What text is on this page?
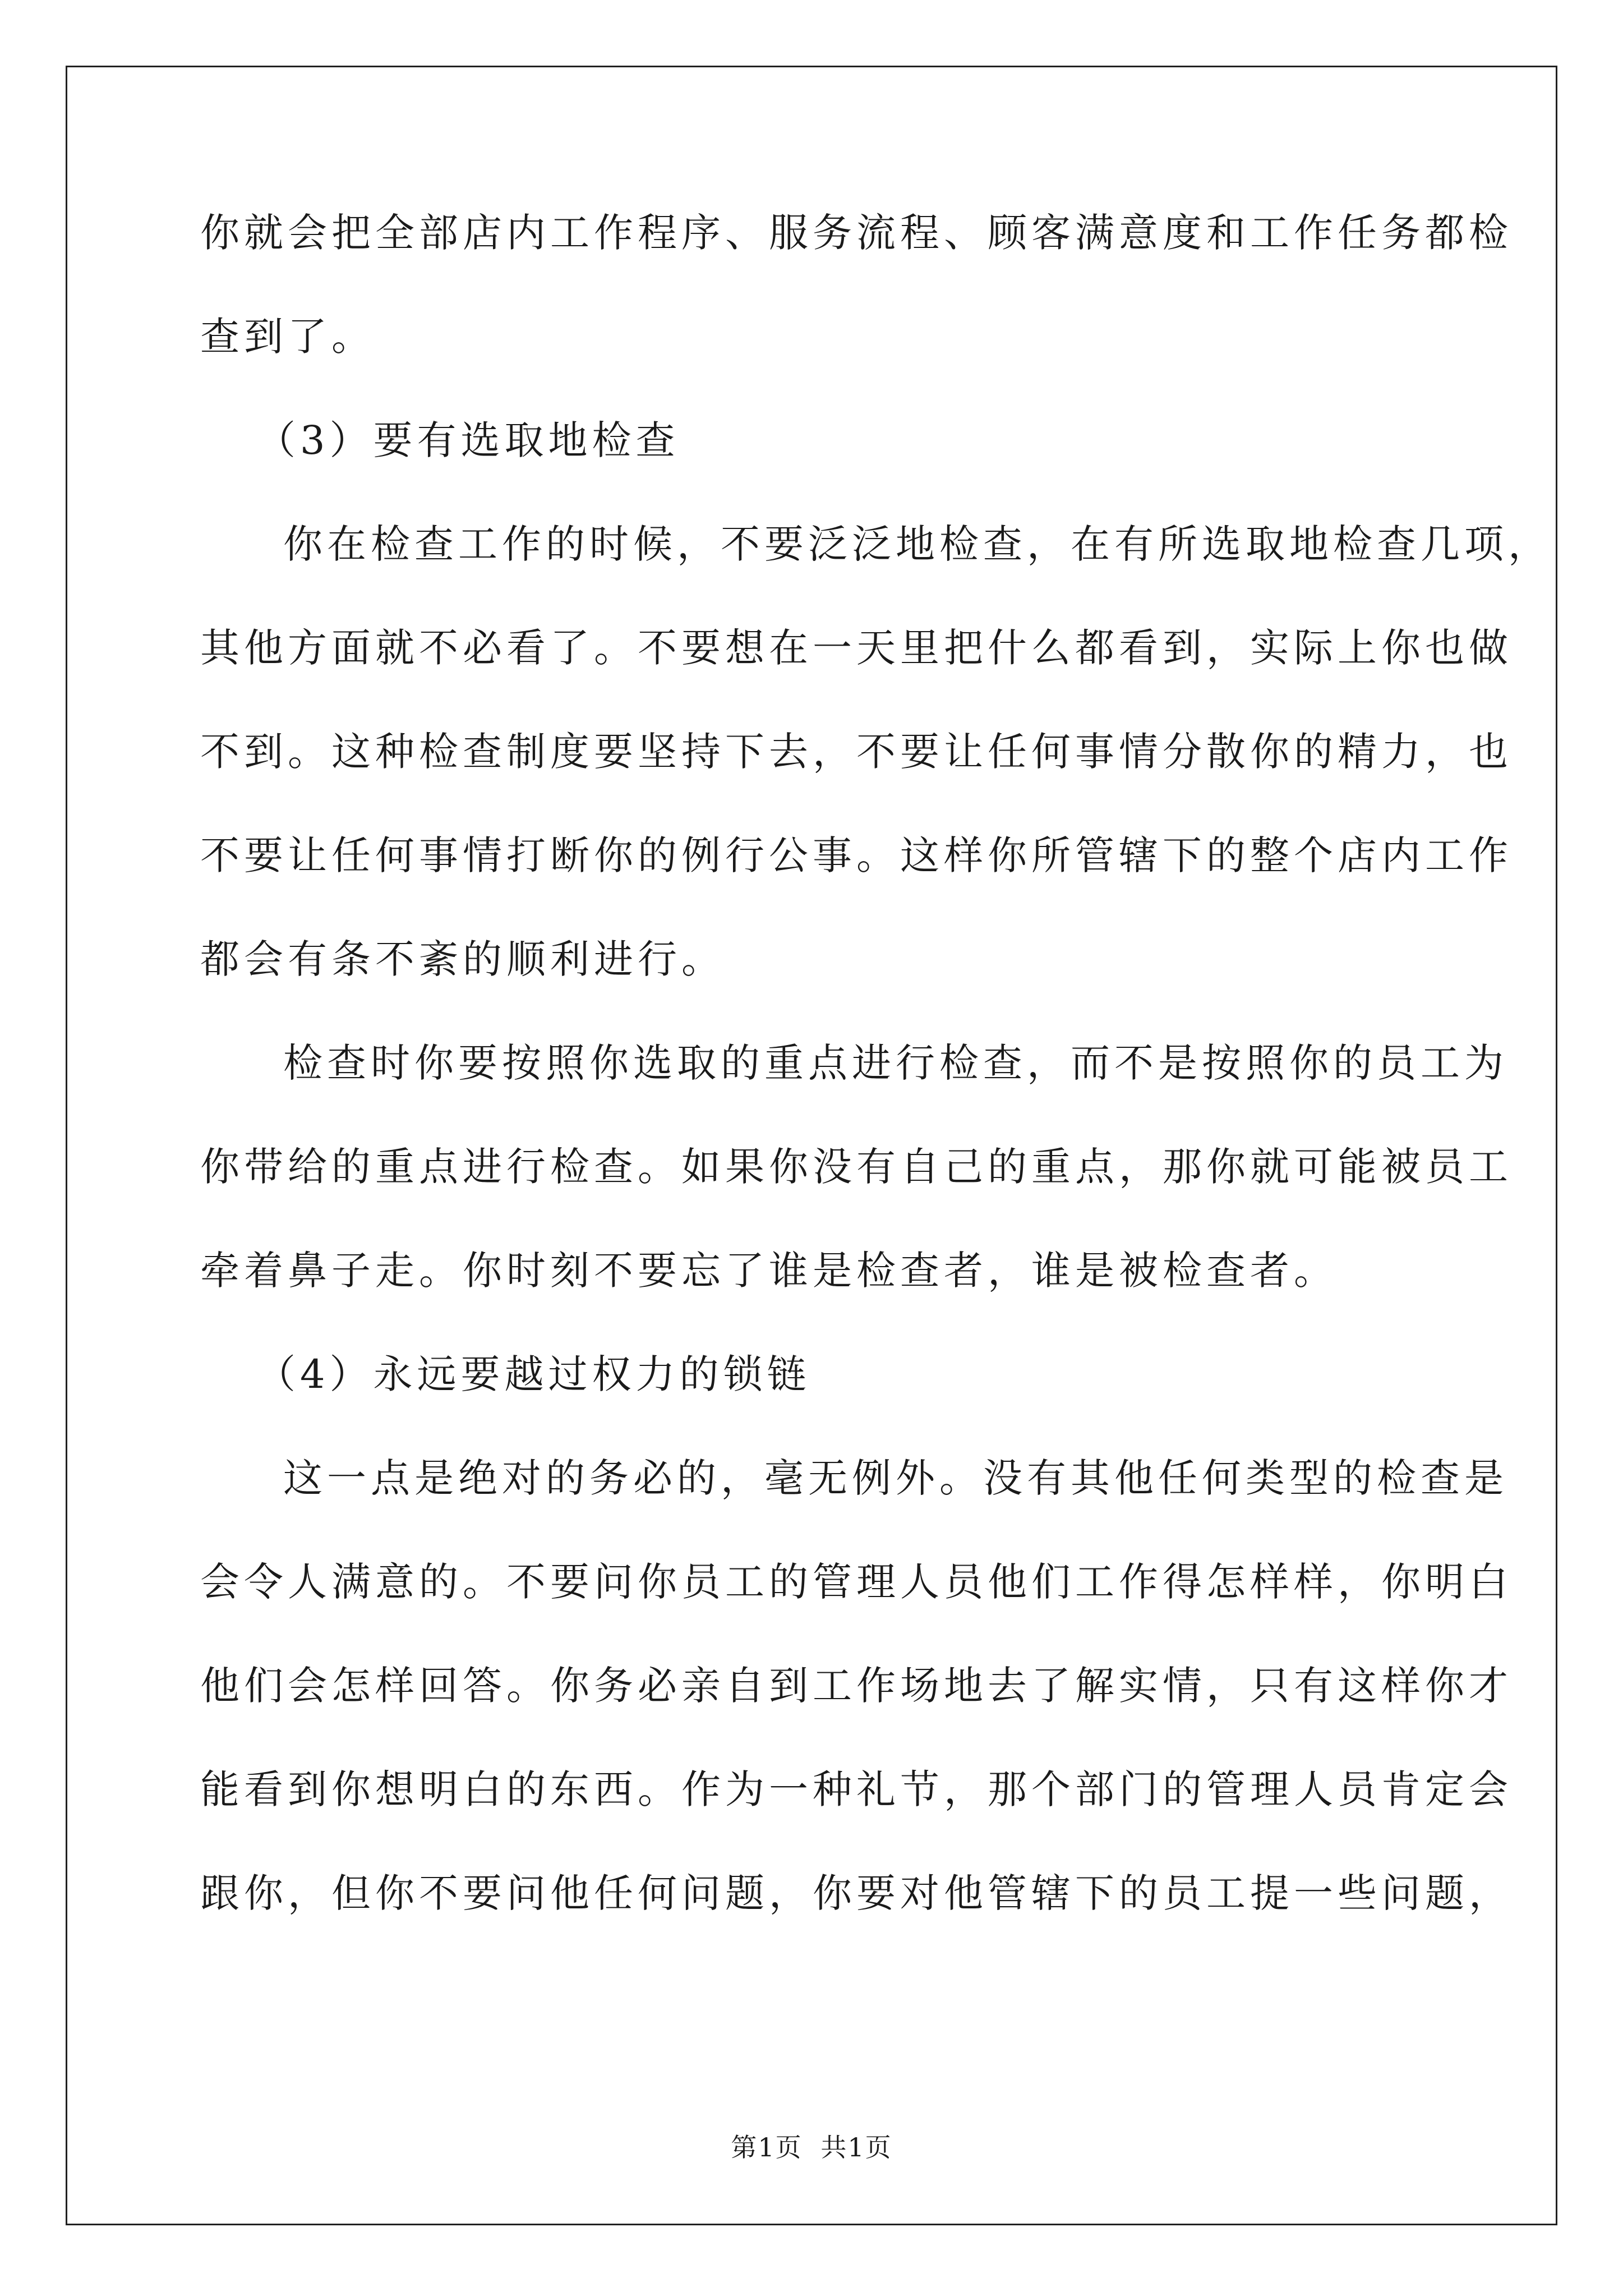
你就会把全部店内工作程序、服务流程、顾客满意度和工作任务都检
查到了。
（3）要有选取地检查
你在检查工作的时候，不要泛泛地检查，在有所选取地检查几项，
其他方面就不必看了。不要想在一天里把什么都看到，实际上你也做
不到。这种检查制度要坚持下去，不要让任何事情分散你的精力，也
不要让任何事情打断你的例行公事。这样你所管辖下的整个店内工作
都会有条不紊的顺利进行。
检查时你要按照你选取的重点进行检查，而不是按照你的员工为
你带给的重点进行检查。如果你没有自己的重点，那你就可能被员工
牵着鼻子走。你时刻不要忘了谁是检查者，谁是被检查者。
（4）永远要越过权力的锁链
这一点是绝对的务必的，毫无例外。没有其他任何类型的检查是
会令人满意的。不要问你员工的管理人员他们工作得怎样样，你明白
他们会怎样回答。你务必亲自到工作场地去了解实情，只有这样你才
能看到你想明白的东西。作为一种礼节，那个部门的管理人员肯定会
跟你，但你不要问他任何问题，你要对他管辖下的员工提一些问题，
第1页 共1页
